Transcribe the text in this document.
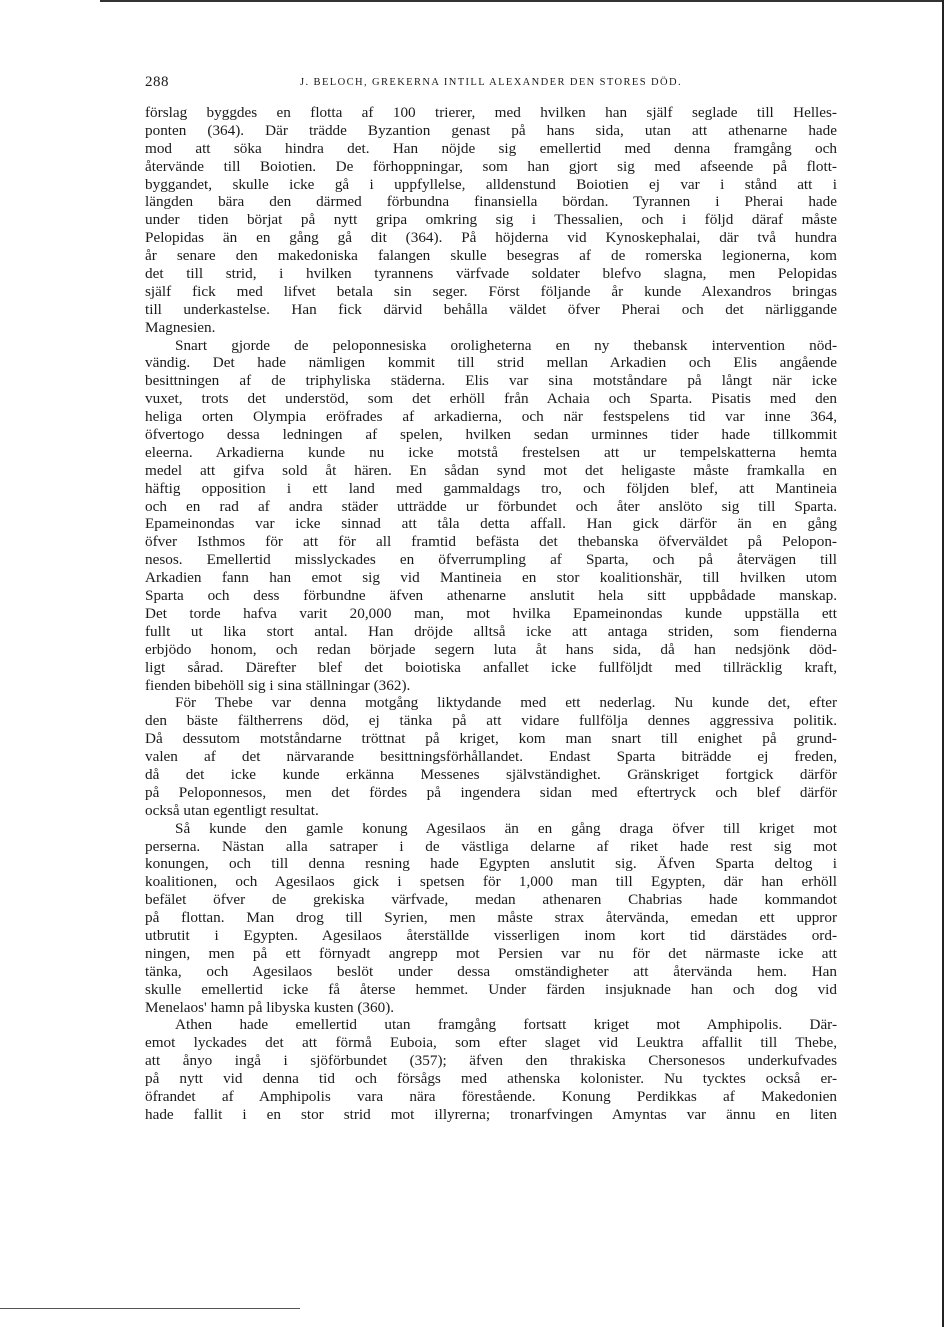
288	J. BELOCH, GREKERNA INTILL ALEXANDER DEN STORES DÖD.
förslag byggdes en flotta af 100 trierer, med hvilken han själf seglade till Helles-
ponten (364). Där trädde Byzantion genast på hans sida, utan att athenarne hade
mod att söka hindra det. Han nöjde sig emellertid med denna framgång och
återvände till Boiotien. De förhoppningar, som han gjort sig med afseende på flott-
byggandet, skulle icke gå i uppfyllelse, alldenstund Boiotien ej var i stånd att i
längden bära den därmed förbundna finansiella bördan. Tyrannen i Pherai hade
under tiden börjat på nytt gripa omkring sig i Thessalien, och i följd däraf måste
Pelopidas än en gång gå dit (364). På höjderna vid Kynoskephalai, där två hundra
år senare den makedoniska falangen skulle besegras af de romerska legionerna, kom
det till strid, i hvilken tyrannens värfvade soldater blefvo slagna, men Pelopidas
själf fick med lifvet betala sin seger. Först följande år kunde Alexandros bringas
till underkastelse. Han fick därvid behålla väldet öfver Pherai och det närliggande
Magnesien.
Snart gjorde de peloponnesiska oroligheterna en ny thebansk intervention nöd-
vändig. Det hade nämligen kommit till strid mellan Arkadien och Elis angående
besittningen af de triphyliska städerna. Elis var sina motståndare på långt när icke
vuxet, trots det understöd, som det erhöll från Achaia och Sparta. Pisatis med den
heliga orten Olympia eröfrades af arkadierna, och när festspelens tid var inne 364,
öfvertogo dessa ledningen af spelen, hvilken sedan urminnes tider hade tillkommit
eleerna. Arkadierna kunde nu icke motstå frestelsen att ur tempelskatterna hemta
medel att gifva sold åt hären. En sådan synd mot det heligaste måste framkalla en
häftig opposition i ett land med gammaldags tro, och följden blef, att Mantineia
och en rad af andra städer utträdde ur förbundet och åter anslöto sig till Sparta.
Epameinondas var icke sinnad att tåla detta affall. Han gick därför än en gång
öfver Isthmos för att för all framtid befästa det thebanska öfverväldet på Pelopon-
nesos. Emellertid misslyckades en öfverrumpling af Sparta, och på återvägen till
Arkadien fann han emot sig vid Mantineia en stor koalitionshär, till hvilken utom
Sparta och dess förbundne äfven athenarne anslutit hela sitt uppbådade manskap.
Det torde hafva varit 20,000 man, mot hvilka Epameinondas kunde uppställa ett
fullt ut lika stort antal. Han dröjde alltså icke att antaga striden, som fienderna
erbjödo honom, och redan började segern luta åt hans sida, då han nedsjönk död-
ligt sårad. Därefter blef det boiotiska anfallet icke fullföljdt med tillräcklig kraft,
fienden bibehöll sig i sina ställningar (362).
För Thebe var denna motgång liktydande med ett nederlag. Nu kunde det, efter
den bäste fältherrens död, ej tänka på att vidare fullfölja dennes aggressiva politik.
Då dessutom motståndarne tröttnat på kriget, kom man snart till enighet på grund-
valen af det närvarande besittningsförhållandet. Endast Sparta biträdde ej freden,
då det icke kunde erkänna Messenes självständighet. Gränskriget fortgick därför
på Peloponnesos, men det fördes på ingendera sidan med eftertryck och blef därför
också utan egentligt resultat.
Så kunde den gamle konung Agesilaos än en gång draga öfver till kriget mot
perserna. Nästan alla satraper i de västliga delarne af riket hade rest sig mot
konungen, och till denna resning hade Egypten anslutit sig. Äfven Sparta deltog i
koalitionen, och Agesilaos gick i spetsen för 1,000 man till Egypten, där han erhöll
befälet öfver de grekiska värfvade, medan athenaren Chabrias hade kommandot
på flottan. Man drog till Syrien, men måste strax återvända, emedan ett uppror
utbrutit i Egypten. Agesilaos återställde visserligen inom kort tid därstädes ord-
ningen, men på ett förnyadt angrepp mot Persien var nu för det närmaste icke att
tänka, och Agesilaos beslöt under dessa omständigheter att återvända hem. Han
skulle emellertid icke få återse hemmet. Under färden insjuknade han och dog vid
Menelaos' hamn på libyska kusten (360).
Athen hade emellertid utan framgång fortsatt kriget mot Amphipolis. Där-
emot lyckades det att förmå Euboia, som efter slaget vid Leuktra affallit till Thebe,
att ånyo ingå i sjöförbundet (357); äfven den thrakiska Chersonesos underkufvades
på nytt vid denna tid och försågs med athenska kolonister. Nu tycktes också er-
öfrandet af Amphipolis vara nära förestående. Konung Perdikkas af Makedonien
hade fallit i en stor strid mot illyrerna; tronarfvingen Amyntas var ännu en liten
